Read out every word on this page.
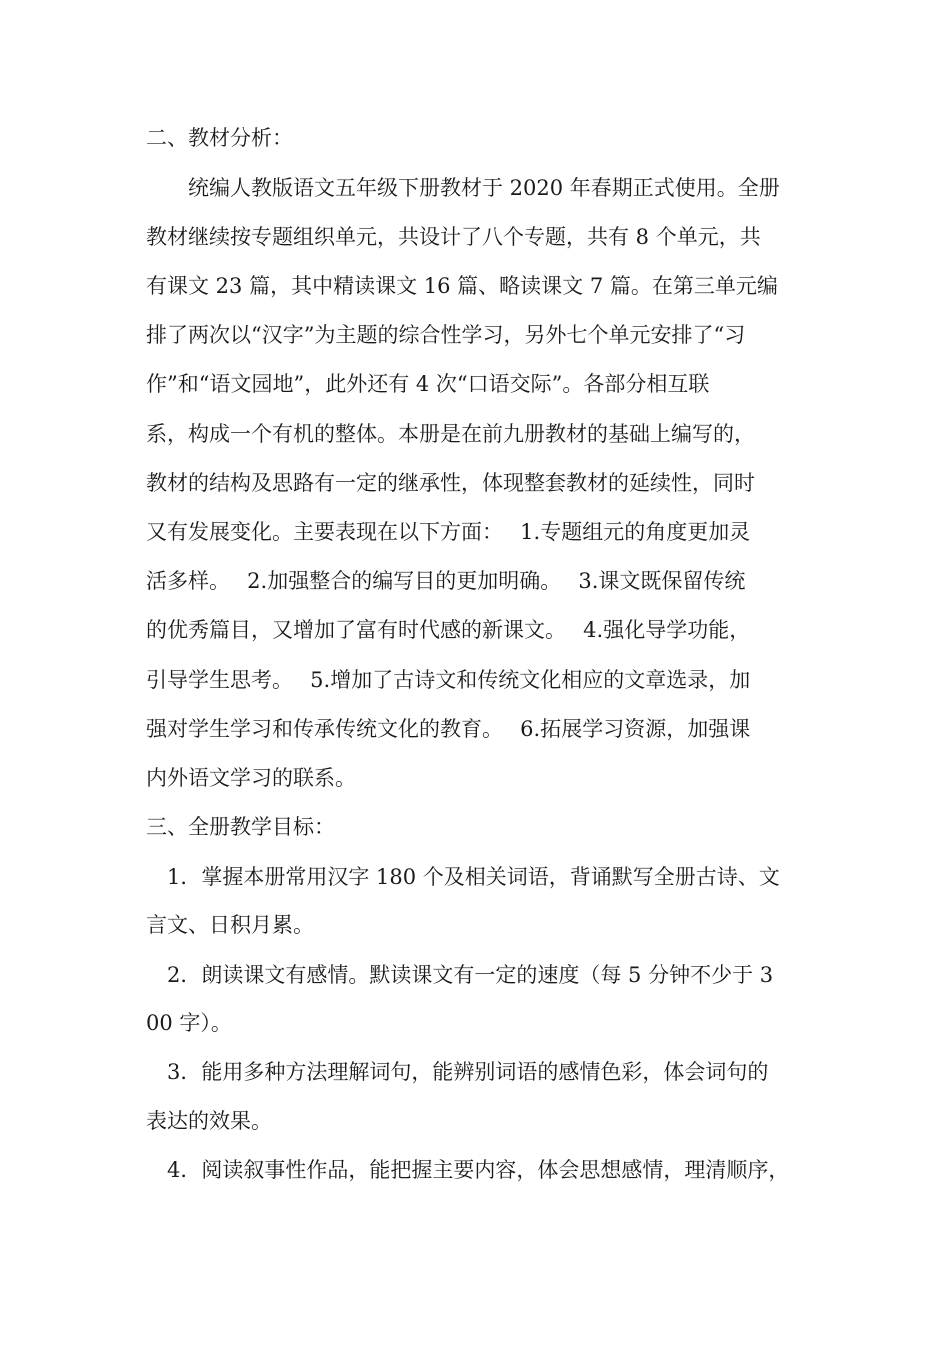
二、教材分析：
　　统编人教版语文五年级下册教材于 2020 年春期正式使用。全册
教材继续按专题组织单元，共设计了八个专题，共有 8 个单元，共
有课文 23 篇，其中精读课文 16 篇、略读课文 7 篇。在第三单元编
排了两次以“汉字”为主题的综合性学习，另外七个单元安排了“习
作”和“语文园地”，此外还有 4 次“口语交际”。各部分相互联
系，构成一个有机的整体。本册是在前九册教材的基础上编写的，
教材的结构及思路有一定的继承性，体现整套教材的延续性，同时
又有发展变化。主要表现在以下方面：　 1.专题组元的角度更加灵
活多样。　 2.加强整合的编写目的更加明确。　 3.课文既保留传统
的优秀篇目，又增加了富有时代感的新课文。　 4.强化导学功能，
引导学生思考。　 5.增加了古诗文和传统文化相应的文章选录，加
强对学生学习和传承传统文化的教育。　 6.拓展学习资源，加强课
内外语文学习的联系。
三、全册教学目标：
　1．掌握本册常用汉字 180 个及相关词语，背诵默写全册古诗、文
言文、日积月累。
　2．朗读课文有感情。默读课文有一定的速度（每 5 分钟不少于 3
00 字）。
　3．能用多种方法理解词句，能辨别词语的感情色彩，体会词句的
表达的效果。
　4．阅读叙事性作品，能把握主要内容，体会思想感情，理清顺序，
